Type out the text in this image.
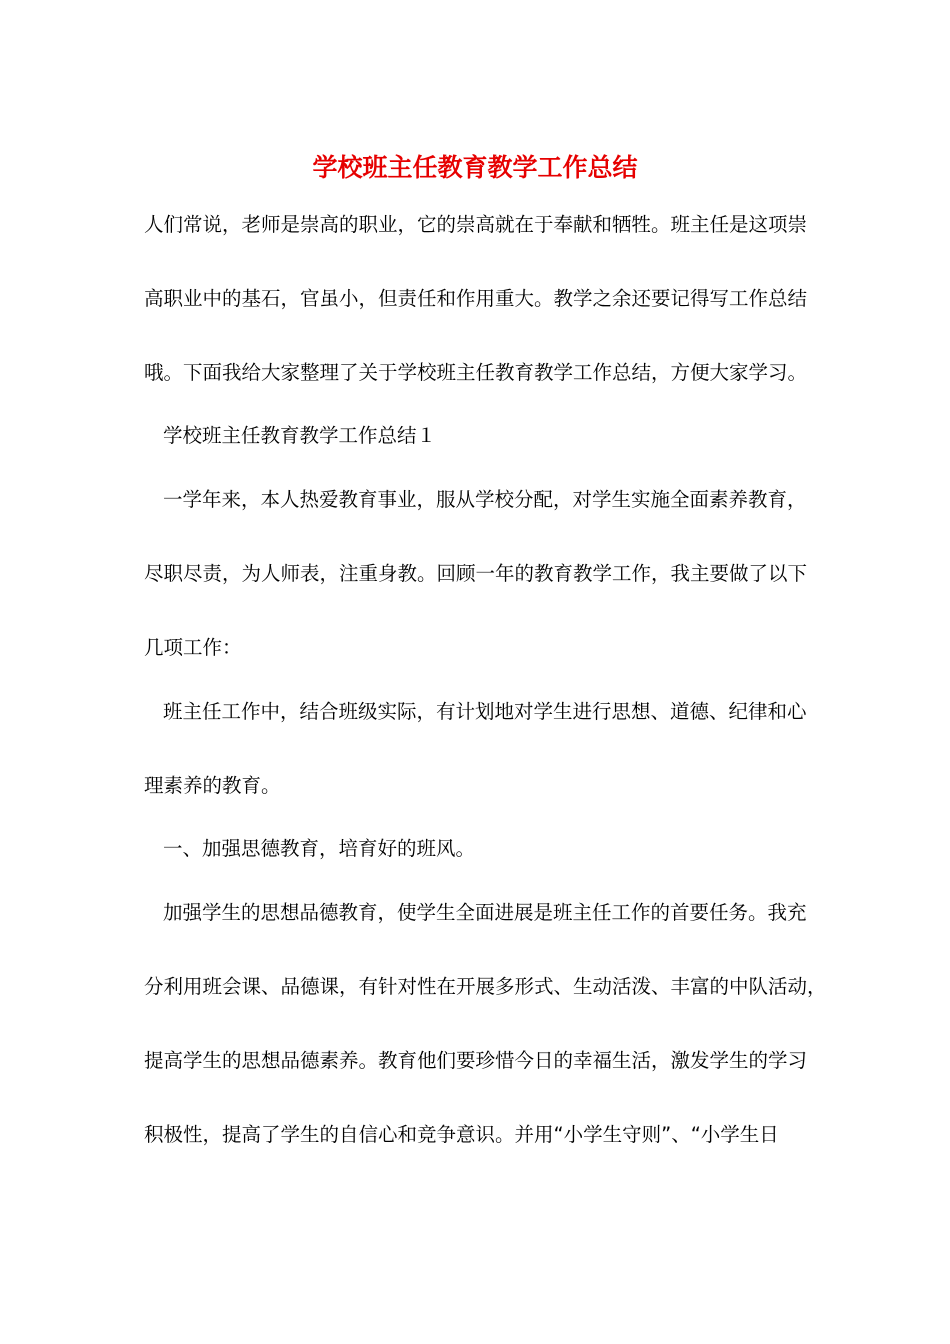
学校班主任教育教学工作总结
人们常说，老师是崇高的职业，它的崇高就在于奉献和牺牲。班主任是这项崇
高职业中的基石，官虽小，但责任和作用重大。教学之余还要记得写工作总结
哦。下面我给大家整理了关于学校班主任教育教学工作总结，方便大家学习。
学校班主任教育教学工作总结１
一学年来，本人热爱教育事业，服从学校分配，对学生实施全面素养教育，
尽职尽责，为人师表，注重身教。回顾一年的教育教学工作，我主要做了以下
几项工作：
班主任工作中，结合班级实际，有计划地对学生进行思想、道德、纪律和心
理素养的教育。
一、加强思德教育，培育好的班风。
加强学生的思想品德教育，使学生全面进展是班主任工作的首要任务。我充
分利用班会课、品德课，有针对性在开展多形式、生动活泼、丰富的中队活动，
提高学生的思想品德素养。教育他们要珍惜今日的幸福生活，激发学生的学习
积极性，提高了学生的自信心和竞争意识。并用“小学生守则”、“小学生日
